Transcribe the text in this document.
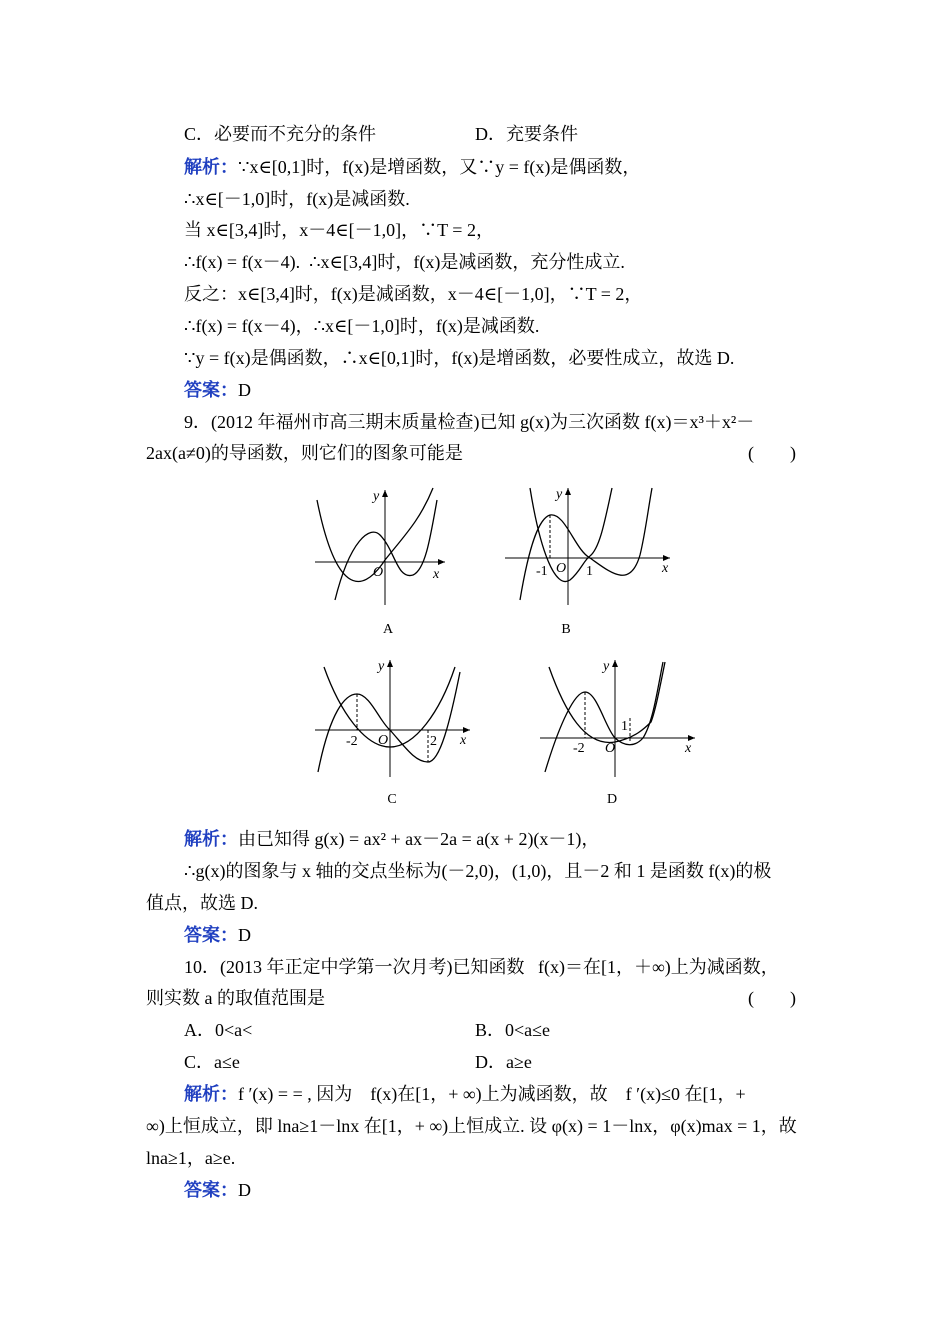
C．必要而不充分的条件	D．充要条件
解析：∵x∈[0,1]时，f(x)是增函数，又∵y = f(x)是偶函数，
∴x∈[－1,0]时，f(x)是减函数.
当 x∈[3,4]时，x－4∈[－1,0]，∵T = 2，
∴f(x) = f(x－4).  ∴x∈[3,4]时，f(x)是减函数，充分性成立.
反之：x∈[3,4]时，f(x)是减函数，x－4∈[－1,0]，∵T = 2，
∴f(x) = f(x－4)，∴x∈[－1,0]时，f(x)是减函数.
∵y = f(x)是偶函数，∴x∈[0,1]时，f(x)是增函数，必要性成立，故选 D.
答案：D
9．(2012 年福州市高三期末质量检查)已知 g(x)为三次函数 f(x)＝x³＋x²－
2ax(a≠0)的导函数，则它们的图象可能是	(        )
O	x
y
A
-1	1
O	x
y
B
-2	2
O	x
y
C
-2
1
O	x
y
D
解析：由已知得 g(x) = ax² + ax－2a = a(x + 2)(x－1)，
∴g(x)的图象与 x 轴的交点坐标为(－2,0)，(1,0)，且－2 和 1 是函数 f(x)的极
值点，故选 D.
答案：D
10．(2013 年正定中学第一次月考)已知函数   f(x)＝在[1，＋∞)上为减函数，
则实数 a 的取值范围是	(        )
A．0<a<	B．0<a≤e
C．a≤e	D．a≥e
解析：f ′(x) = = , 因为    f(x)在[1，+ ∞)上为减函数，故    f ′(x)≤0 在[1，+
∞)上恒成立，即 lna≥1－lnx 在[1，+ ∞)上恒成立. 设 φ(x) = 1－lnx，φ(x)max = 1，故
lna≥1，a≥e.
答案：D
